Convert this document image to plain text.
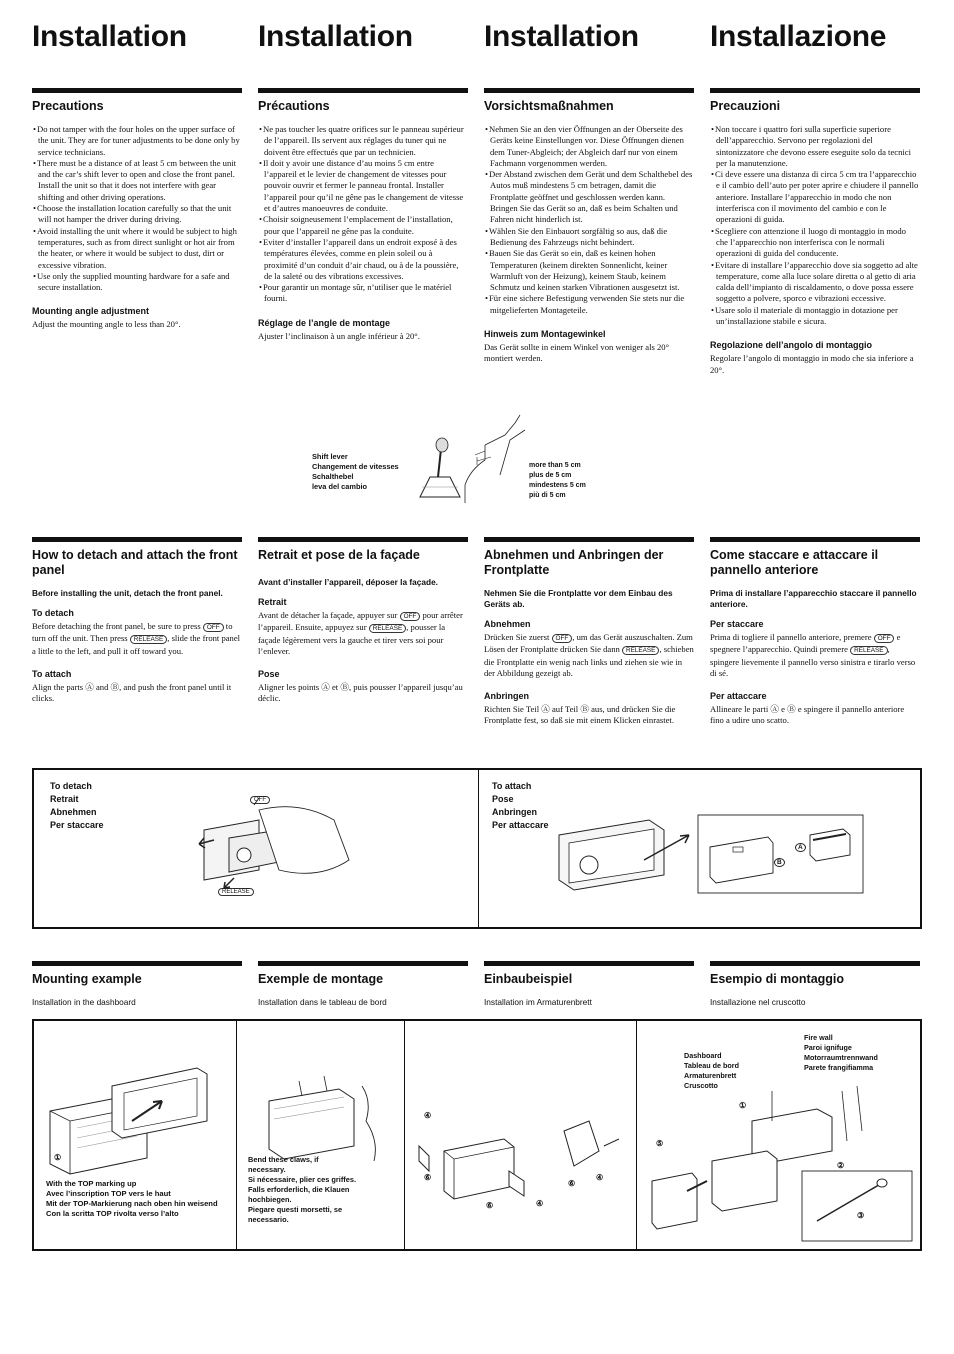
Installation Installation Installation Installazione
Precautions
• Do not tamper with the four holes on the upper surface of the unit. They are for tuner adjustments to be done only by service technicians.
• There must be a distance of at least 5 cm between the unit and the car’s shift lever to open and close the front panel. Install the unit so that it does not interfere with gear shifting and other driving operations.
• Choose the installation location carefully so that the unit will not hamper the driver during driving.
• Avoid installing the unit where it would be subject to high temperatures, such as from direct sunlight or hot air from the heater, or where it would be subject to dust, dirt or excessive vibration.
• Use only the supplied mounting hardware for a safe and secure installation.
Mounting angle adjustment

Adjust the mounting angle to less than 20°.

Précautions
• Ne pas toucher les quatre orifices sur le panneau supérieur de l’appareil. Ils servent aux réglages du tuner qui ne doivent être effectués que par un technicien.
• Il doit y avoir une distance d’au moins 5 cm entre l’appareil et le levier de changement de vitesses pour pouvoir ouvrir et fermer le panneau frontal. Installer l’appareil pour qu’il ne gêne pas le changement de vitesse et d’autres manoeuvres de conduite.
• Choisir soigneusement l’emplacement de l’installation, pour que l’appareil ne gêne pas la conduite.
• Eviter d’installer l’appareil dans un endroit exposé à des températures élevées, comme en plein soleil ou à proximité d’un conduit d’air chaud, ou à de la poussière, de la saleté ou des vibrations excessives.
• Pour garantir un montage sûr, n’utiliser que le matériel fourni.
Réglage de l’angle de montage

Ajuster l’inclinaison à un angle inférieur à 20°.

Vorsichtsmaßnahmen
• Nehmen Sie an den vier Öffnungen an der Oberseite des Geräts keine Einstellungen vor. Diese Öffnungen dienen dem Tuner-Abgleich; der Abgleich darf nur von einem Fachmann vorgenommen werden.
• Der Abstand zwischen dem Gerät und dem Schalthebel des Autos muß mindestens 5 cm betragen, damit die Frontplatte geöffnet und geschlossen werden kann. Bringen Sie das Gerät so an, daß es beim Schalten und Fahren nicht hinderlich ist.
• Wählen Sie den Einbauort sorgfältig so aus, daß die Bedienung des Fahrzeugs nicht behindert.
• Bauen Sie das Gerät so ein, daß es keinen hohen Temperaturen (keinem direkten Sonnenlicht, keiner Warmluft von der Heizung), keinem Staub, keinem Schmutz und keinen starken Vibrationen ausgesetzt ist.
• Für eine sichere Befestigung verwenden Sie stets nur die mitgelieferten Montageteile.
Hinweis zum Montagewinkel

Das Gerät sollte in einem Winkel von weniger als 20° montiert werden.

Precauzioni
• Non toccare i quattro fori sulla superficie superiore dell’apparecchio. Servono per regolazioni del sintonizzatore che devono essere eseguite solo da tecnici per la manutenzione.
• Ci deve essere una distanza di circa 5 cm tra l’apparecchio e il cambio dell’auto per poter aprire e chiudere il pannello anteriore. Installare l’apparecchio in modo che non interferisca con il movimento del cambio e con le operazioni di guida.
• Scegliere con attenzione il luogo di montaggio in modo che l’apparecchio non interferisca con le normali operazioni di guida del conducente.
• Evitare di installare l’apparecchio dove sia soggetto ad alte temperature, come alla luce solare diretta o al getto di aria calda dell’impianto di riscaldamento, o dove possa essere soggetto a polvere, sporco e vibrazioni eccessive.
• Usare solo il materiale di montaggio in dotazione per un’installazione stabile e sicura.
Regolazione dell’angolo di montaggio

Regolare l’angolo di montaggio in modo che sia inferiore a 20°.

Shift lever
Changement de vitesses
Schalthebel
leva del cambio
more than 5 cm
plus de 5 cm
mindestens 5 cm
più di 5 cm
How to detach and attach the front panel
Before installing the unit, detach the front panel.
To detach

Before detaching the front panel, be sure to press OFF to turn off the unit. Then press RELEASE , slide the front panel a little to the left, and pull it off toward you.

To attach

Align the parts Ⓐ and Ⓑ, and push the front panel until it clicks.

Retrait et pose de la façade
Avant d’installer l’appareil, déposer la façade.
Retrait

Avant de détacher la façade, appuyer sur OFF pour arrêter l’appareil. Ensuite, appuyez sur RELEASE , pousser la façade légèrement vers la gauche et tirer vers soi pour l’enlever.

Pose

Aligner les points Ⓐ et Ⓑ, puis pousser l’appareil jusqu’au déclic.

Abnehmen und Anbringen der Frontplatte
Nehmen Sie die Frontplatte vor dem Einbau des Geräts ab.
Abnehmen

Drücken Sie zuerst OFF , um das Gerät auszuschalten. Zum Lösen der Frontplatte drücken Sie dann RELEASE , schieben die Frontplatte ein wenig nach links und ziehen sie wie in der Abbildung gezeigt ab.

Anbringen

Richten Sie Teil Ⓐ auf Teil Ⓑ aus, und drücken Sie die Frontplatte fest, so daß sie mit einem Klicken einrastet.

Come staccare e attaccare il pannello anteriore
Prima di installare l’apparecchio staccare il pannello anteriore.
Per staccare

Prima di togliere il pannello anteriore, premere OFF e spegnere l’apparecchio. Quindi premere RELEASE , spingere lievemente il pannello verso sinistra e tirarlo verso di sé.

Per attaccare

Allineare le parti Ⓐ e Ⓑ e spingere il pannello anteriore fino a udire uno scatto.

To detach
Retrait
Abnehmen
Per staccare
OFF
RELEASE
To attach
Pose
Anbringen
Per attaccare
A
B
Mounting example
Installation in the dashboard
Exemple de montage
Installation dans le tableau de bord
Einbaubeispiel
Installation im Armaturenbrett
Esempio di montaggio
Installazione nel cruscotto
①
With the TOP marking up
Avec l’inscription TOP vers le haut
Mit der TOP-Markierung nach oben hin weisend
Con la scritta TOP rivolta verso l’alto
Bend these claws, if
necessary.
Si nécessaire, plier ces griffes.
Falls erforderlich, die Klauen
hochbiegen.
Piegare questi morsetti, se
necessario.
④
⑥
⑥	④
⑥
④
Dashboard
Tableau de bord
Armaturenbrett
Cruscotto
Fire wall
Paroi ignifuge
Motorraumtrennwand
Parete frangifiamma
①
⑤
②
③
